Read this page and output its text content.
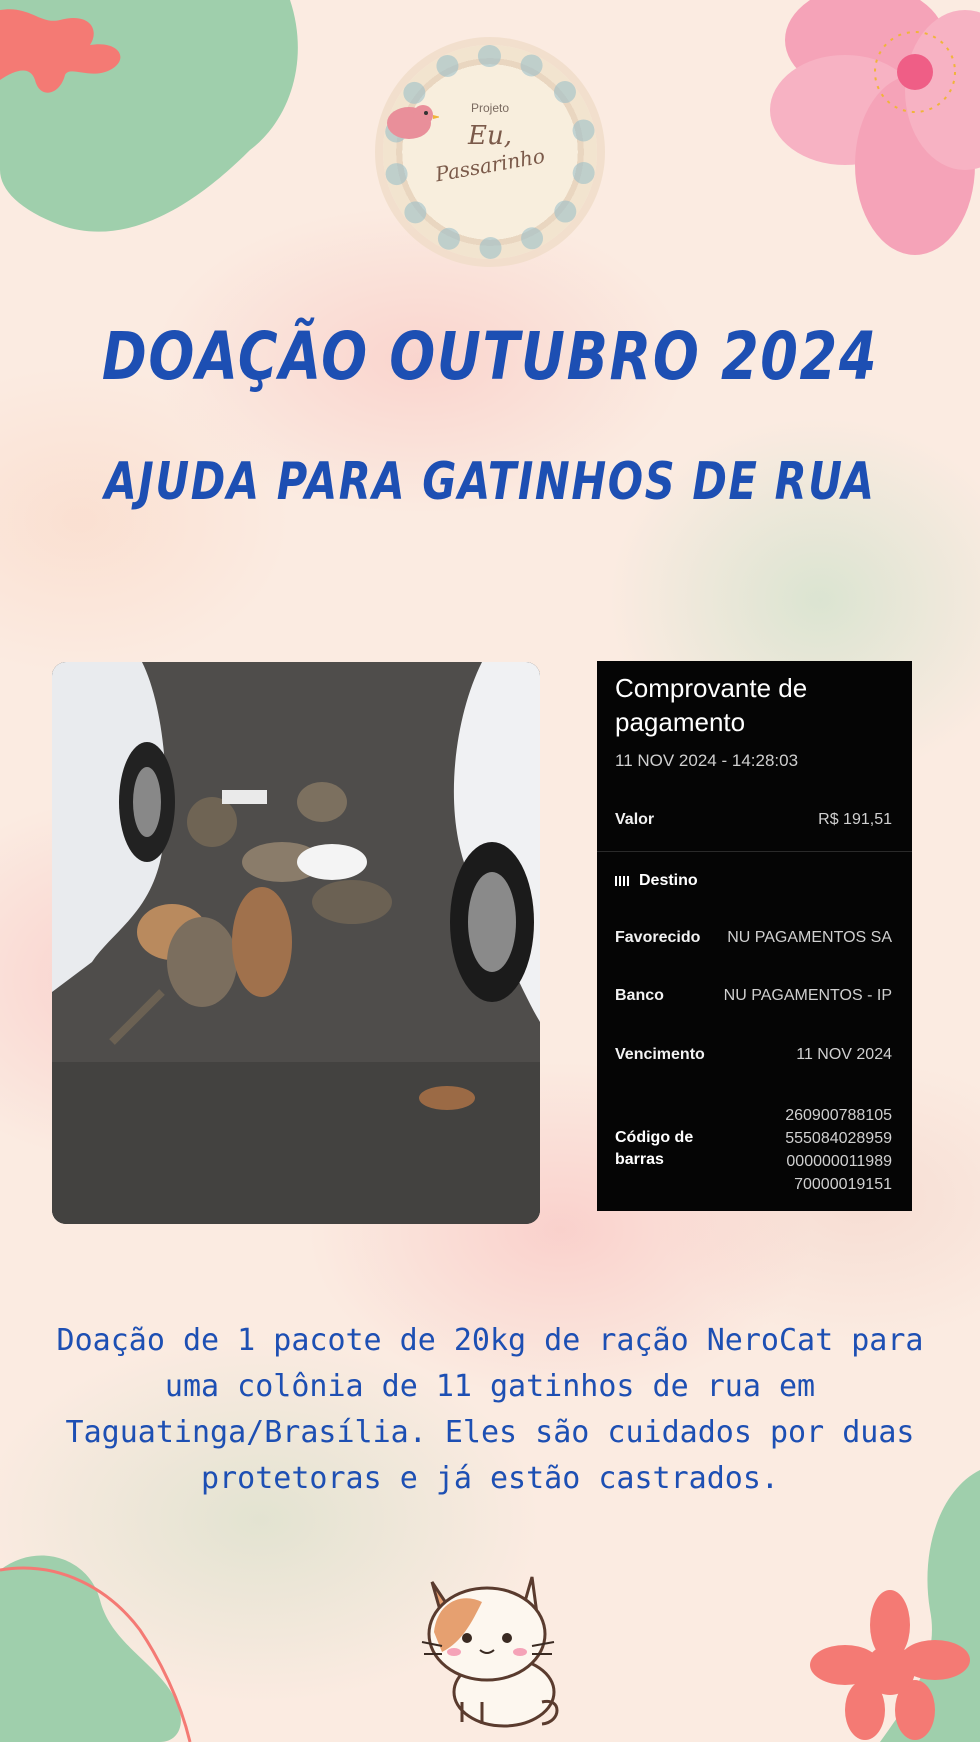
Projeto
Eu,
Passarinho
DOAÇÃO OUTUBRO 2024
AJUDA PARA GATINHOS DE RUA
Comprovante de pagamento
11 NOV 2024 - 14:28:03
Valor	R$ 191,51
Destino
Favorecido NU PAGAMENTOS SA
Banco	NU PAGAMENTOS - IP
Vencimento	11 NOV 2024
Código de barras
260900788105
555084028959
000000011989
70000019151
Doação de 1 pacote de 20kg de ração NeroCat para uma colônia de 11 gatinhos de rua em Taguatinga/Brasília. Eles são cuidados por duas protetoras e já estão castrados.
